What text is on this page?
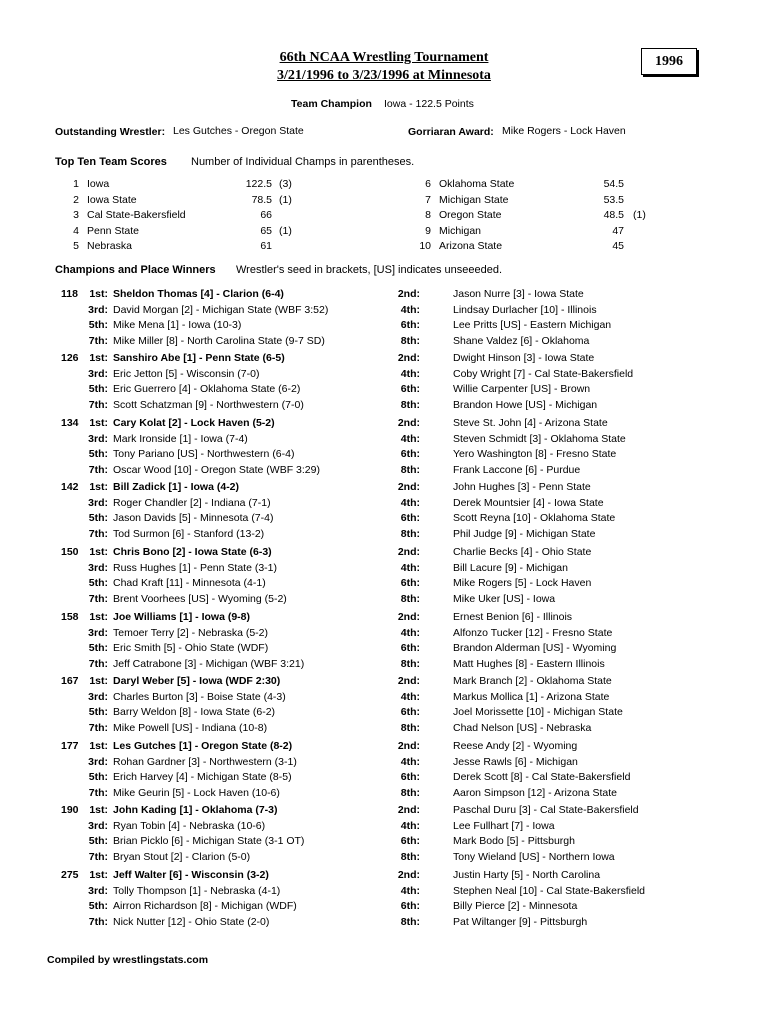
66th NCAA Wrestling Tournament
3/21/1996 to 3/23/1996 at Minnesota
1996
Team Champion Iowa - 122.5 Points
Outstanding Wrestler: Les Gutches - Oregon State	Gorriaran Award: Mike Rogers - Lock Haven
Top Ten Team Scores Number of Individual Champs in parentheses.
1 Iowa	122.5 (3)
2 Iowa State	78.5 (1)
3 Cal State-Bakersfield	66
4 Penn State	65 (1)
5 Nebraska	61
6 Oklahoma State	54.5
7 Michigan State	53.5
8 Oregon State	48.5 (1)
9 Michigan	47
10 Arizona State	45
Champions and Place Winners Wrestler's seed in brackets, [US] indicates unseeeded.
118	1st: Sheldon Thomas [4] - Clarion (6-4)	2nd:	Jason Nurre [3] - Iowa State
3rd: David Morgan [2] - Michigan State (WBF 3:52)	4th:	Lindsay Durlacher [10] - Illinois
5th: Mike Mena [1] - Iowa (10-3)	6th:	Lee Pritts [US] - Eastern Michigan
7th: Mike Miller [8] - North Carolina State (9-7 SD)	8th:	Shane Valdez [6] - Oklahoma
126	1st: Sanshiro Abe [1] - Penn State (6-5)	2nd:	Dwight Hinson [3] - Iowa State
3rd: Eric Jetton [5] - Wisconsin (7-0)	4th:	Coby Wright [7] - Cal State-Bakersfield
5th: Eric Guerrero [4] - Oklahoma State (6-2)	6th:	Willie Carpenter [US] - Brown
7th: Scott Schatzman [9] - Northwestern (7-0)	8th:	Brandon Howe [US] - Michigan
134	1st: Cary Kolat [2] - Lock Haven (5-2)	2nd:	Steve St. John [4] - Arizona State
3rd: Mark Ironside [1] - Iowa (7-4)	4th:	Steven Schmidt [3] - Oklahoma State
5th: Tony Pariano [US] - Northwestern (6-4)	6th:	Yero Washington [8] - Fresno State
7th: Oscar Wood [10] - Oregon State (WBF 3:29)	8th:	Frank Laccone [6] - Purdue
142	1st: Bill Zadick [1] - Iowa (4-2)	2nd:	John Hughes [3] - Penn State
3rd: Roger Chandler [2] - Indiana (7-1)	4th:	Derek Mountsier [4] - Iowa State
5th: Jason Davids [5] - Minnesota (7-4)	6th:	Scott Reyna [10] - Oklahoma State
7th: Tod Surmon [6] - Stanford (13-2)	8th:	Phil Judge [9] - Michigan State
150	1st: Chris Bono [2] - Iowa State (6-3)	2nd:	Charlie Becks [4] - Ohio State
3rd: Russ Hughes [1] - Penn State (3-1)	4th:	Bill Lacure [9] - Michigan
5th: Chad Kraft [11] - Minnesota (4-1)	6th:	Mike Rogers [5] - Lock Haven
7th: Brent Voorhees [US] - Wyoming (5-2)	8th:	Mike Uker [US] - Iowa
158	1st: Joe Williams [1] - Iowa (9-8)	2nd:	Ernest Benion [6] - Illinois
3rd: Temoer Terry [2] - Nebraska (5-2)	4th:	Alfonzo Tucker [12] - Fresno State
5th: Eric Smith [5] - Ohio State (WDF)	6th:	Brandon Alderman [US] - Wyoming
7th: Jeff Catrabone [3] - Michigan (WBF 3:21)	8th:	Matt Hughes [8] - Eastern Illinois
167	1st: Daryl Weber [5] - Iowa (WDF 2:30)	2nd:	Mark Branch [2] - Oklahoma State
3rd: Charles Burton [3] - Boise State (4-3)	4th:	Markus Mollica [1] - Arizona State
5th: Barry Weldon [8] - Iowa State (6-2)	6th:	Joel Morissette [10] - Michigan State
7th: Mike Powell [US] - Indiana (10-8)	8th:	Chad Nelson [US] - Nebraska
177	1st: Les Gutches [1] - Oregon State (8-2)	2nd:	Reese Andy [2] - Wyoming
3rd: Rohan Gardner [3] - Northwestern (3-1)	4th:	Jesse Rawls [6] - Michigan
5th: Erich Harvey [4] - Michigan State (8-5)	6th:	Derek Scott [8] - Cal State-Bakersfield
7th: Mike Geurin [5] - Lock Haven (10-6)	8th:	Aaron Simpson [12] - Arizona State
190	1st: John Kading [1] - Oklahoma (7-3)	2nd:	Paschal Duru [3] - Cal State-Bakersfield
3rd: Ryan Tobin [4] - Nebraska (10-6)	4th:	Lee Fullhart [7] - Iowa
5th: Brian Picklo [6] - Michigan State (3-1 OT)	6th:	Mark Bodo [5] - Pittsburgh
7th: Bryan Stout [2] - Clarion (5-0)	8th:	Tony Wieland [US] - Northern Iowa
275	1st: Jeff Walter [6] - Wisconsin (3-2)	2nd:	Justin Harty [5] - North Carolina
3rd: Tolly Thompson [1] - Nebraska (4-1)	4th:	Stephen Neal [10] - Cal State-Bakersfield
5th: Airron Richardson [8] - Michigan (WDF)	6th:	Billy Pierce [2] - Minnesota
7th: Nick Nutter [12] - Ohio State (2-0)	8th:	Pat Wiltanger [9] - Pittsburgh
Compiled by wrestlingstats.com
